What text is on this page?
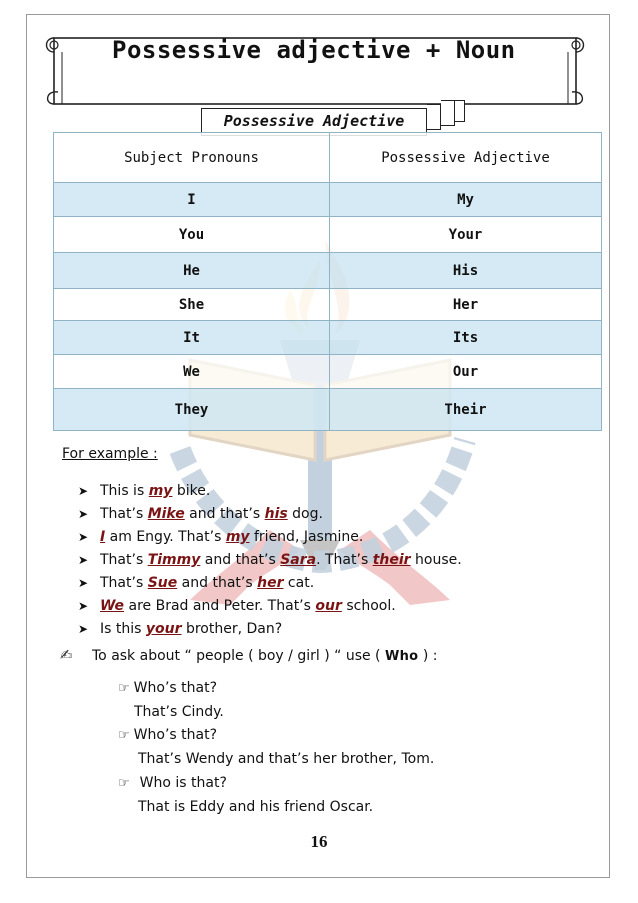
Possessive adjective + Noun
Possessive Adjective
Subject Pronouns	Possessive Adjective
I	My
You	Your
He	His
She	Her
It	Its
We	Our
They	Their
For example :
➤ This is my bike.
➤ That’s Mike and that’s his dog.
➤ I am Engy. That’s my friend, Jasmine.
➤ That’s Timmy and that’s Sara. That’s their house.
➤ That’s Sue and that’s her cat.
➤ We are Brad and Peter. That’s our school.
➤ Is this your brother, Dan?
✍ To ask about “ people ( boy / girl ) “ use ( Who ) :
☞ Who’s that?
That’s Cindy.
☞ Who’s that?
That’s Wendy and that’s her brother, Tom.
☞ Who is that?
That is Eddy and his friend Oscar.
16
